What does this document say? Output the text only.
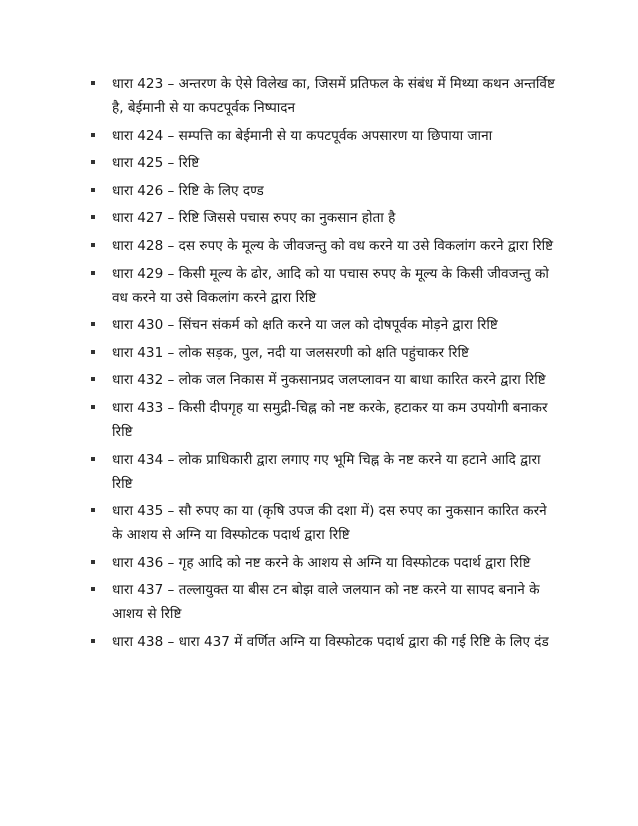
धारा 423 – अन्तरण के ऐसे विलेख का, जिसमें प्रतिफल के संबंध में मिथ्या कथन अन्तर्विष्ट है, बेईमानी से या कपटपूर्वक निष्पादन
धारा 424 – सम्पत्ति का बेईमानी से या कपटपूर्वक अपसारण या छिपाया जाना
धारा 425 – रिष्टि
धारा 426 – रिष्टि के लिए दण्ड
धारा 427 – रिष्टि जिससे पचास रुपए का नुकसान होता है
धारा 428 – दस रुपए के मूल्य के जीवजन्तु को वध करने या उसे विकलांग करने द्वारा रिष्टि
धारा 429 – किसी मूल्य के ढोर, आदि को या पचास रुपए के मूल्य के किसी जीवजन्तु को वध करने या उसे विकलांग करने द्वारा रिष्टि
धारा 430 – सिंचन संकर्म को क्षति करने या जल को दोषपूर्वक मोड़ने द्वारा रिष्टि
धारा 431 – लोक सड़क, पुल, नदी या जलसरणी को क्षति पहुंचाकर रिष्टि
धारा 432 – लोक जल निकास में नुकसानप्रद जलप्लावन या बाधा कारित करने द्वारा रिष्टि
धारा 433 – किसी दीपगृह या समुद्री-चिह्न को नष्ट करके, हटाकर या कम उपयोगी बनाकर रिष्टि
धारा 434 – लोक प्राधिकारी द्वारा लगाए गए भूमि चिह्न के नष्ट करने या हटाने आदि द्वारा रिष्टि
धारा 435 – सौ रुपए का या (कृषि उपज की दशा में) दस रुपए का नुकसान कारित करने के आशय से अग्नि या विस्फोटक पदार्थ द्वारा रिष्टि
धारा 436 – गृह आदि को नष्ट करने के आशय से अग्नि या विस्फोटक पदार्थ द्वारा रिष्टि
धारा 437 – तल्लायुक्त या बीस टन बोझ वाले जलयान को नष्ट करने या सापद बनाने के आशय से रिष्टि
धारा 438 – धारा 437 में वर्णित अग्नि या विस्फोटक पदार्थ द्वारा की गई रिष्टि के लिए दंड
